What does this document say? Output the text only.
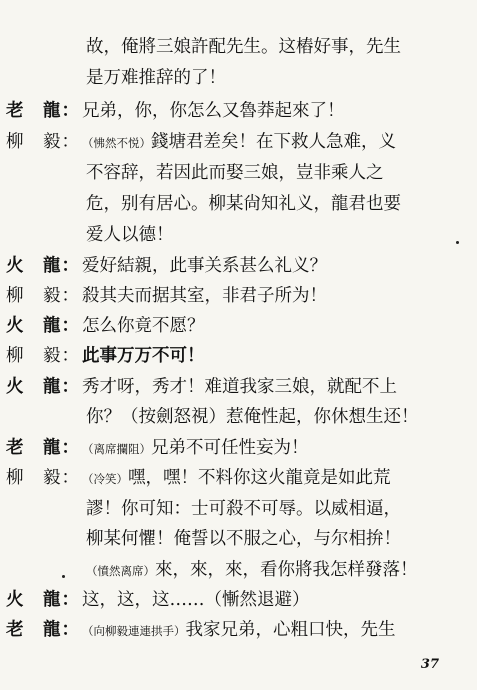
故，俺將三娘許配先生。这樁好事，先生
是万难推辞的了！
老　龍： 兄弟，你，你怎么又魯莽起來了！
柳　毅： （怫然不悦）錢塘君差矣！在下救人急难，义
不容辞，若因此而娶三娘，豈非乘人之
危，别有居心。柳某尙知礼义，龍君也要
爱人以德！
火　龍： 爱好結親，此事关系甚么礼义？
柳　毅： 殺其夫而据其室，非君子所为！
火　龍： 怎么你竟不愿？
柳　毅： 此事万万不可！
火　龍： 秀才呀，秀才！难道我家三娘，就配不上
你？（按劍怒視）惹俺性起，你休想生还！
老　龍： （离席攔阻）兄弟不可任性妄为！
柳　毅： （冷笑）嘿，嘿！不料你这火龍竟是如此荒
謬！你可知：士可殺不可辱。以威相逼，
柳某何懼！俺誓以不服之心，与尔相拚！
（憤然离席）來，來，來，看你將我怎样發落！
火　龍： 这，这，这……（慚然退避）
老　龍： （向柳毅連連拱手）我家兄弟，心粗口快，先生
37
